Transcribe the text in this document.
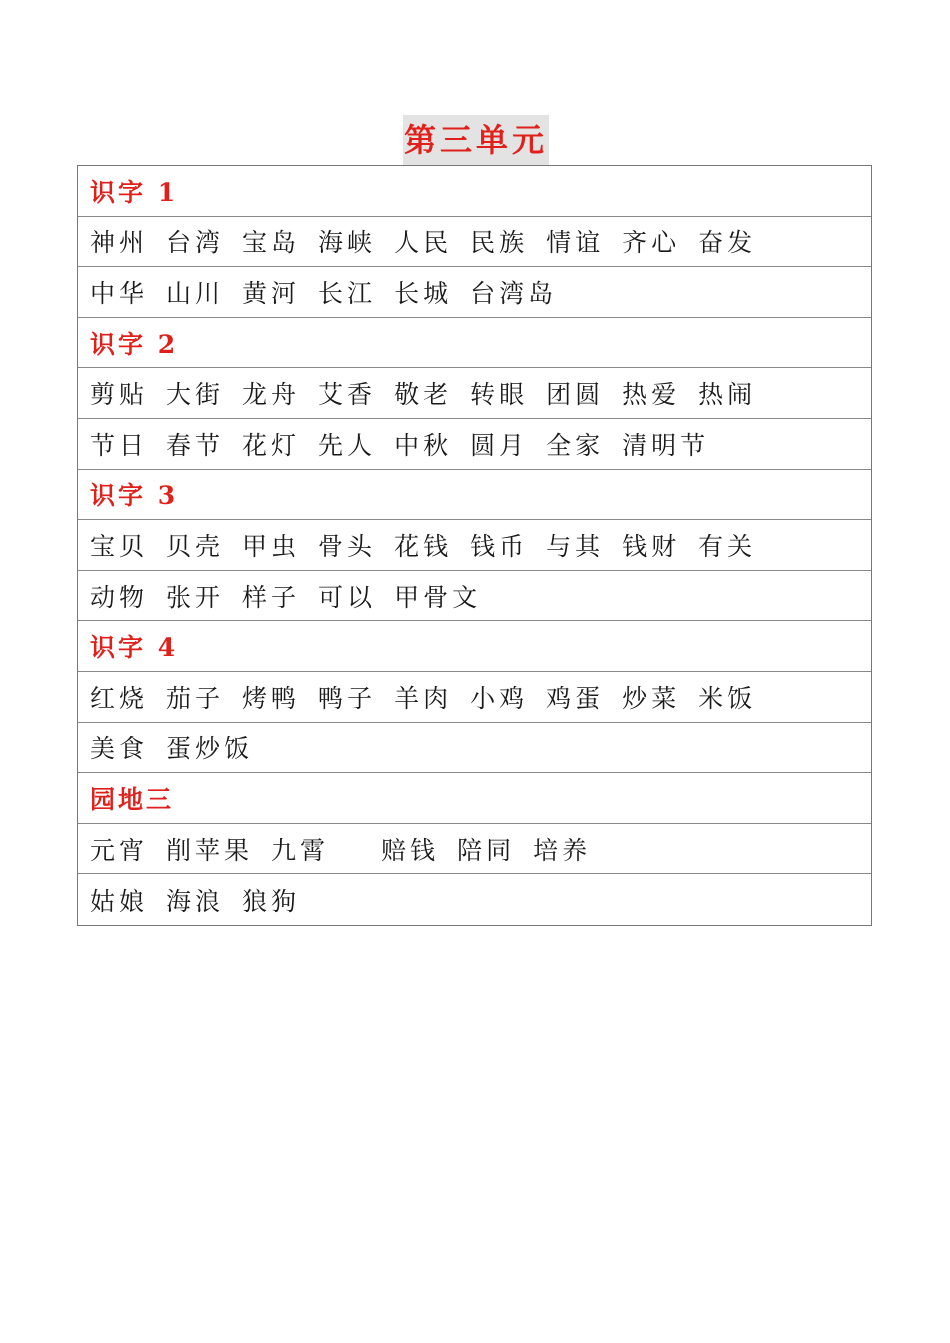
第三单元
识字 1
神州 台湾 宝岛 海峡 人民 民族 情谊 齐心 奋发
中华 山川 黄河 长江 长城 台湾岛
识字 2
剪贴 大街 龙舟 艾香 敬老 转眼 团圆 热爱 热闹
节日 春节 花灯 先人 中秋 圆月 全家 清明节
识字 3
宝贝 贝壳 甲虫 骨头 花钱 钱币 与其 钱财 有关
动物 张开 样子 可以 甲骨文
识字 4
红烧 茄子 烤鸭 鸭子 羊肉 小鸡 鸡蛋 炒菜 米饭
美食 蛋炒饭
园地三
元宵 削苹果 九霄 赔钱 陪同 培养
姑娘 海浪 狼狗
